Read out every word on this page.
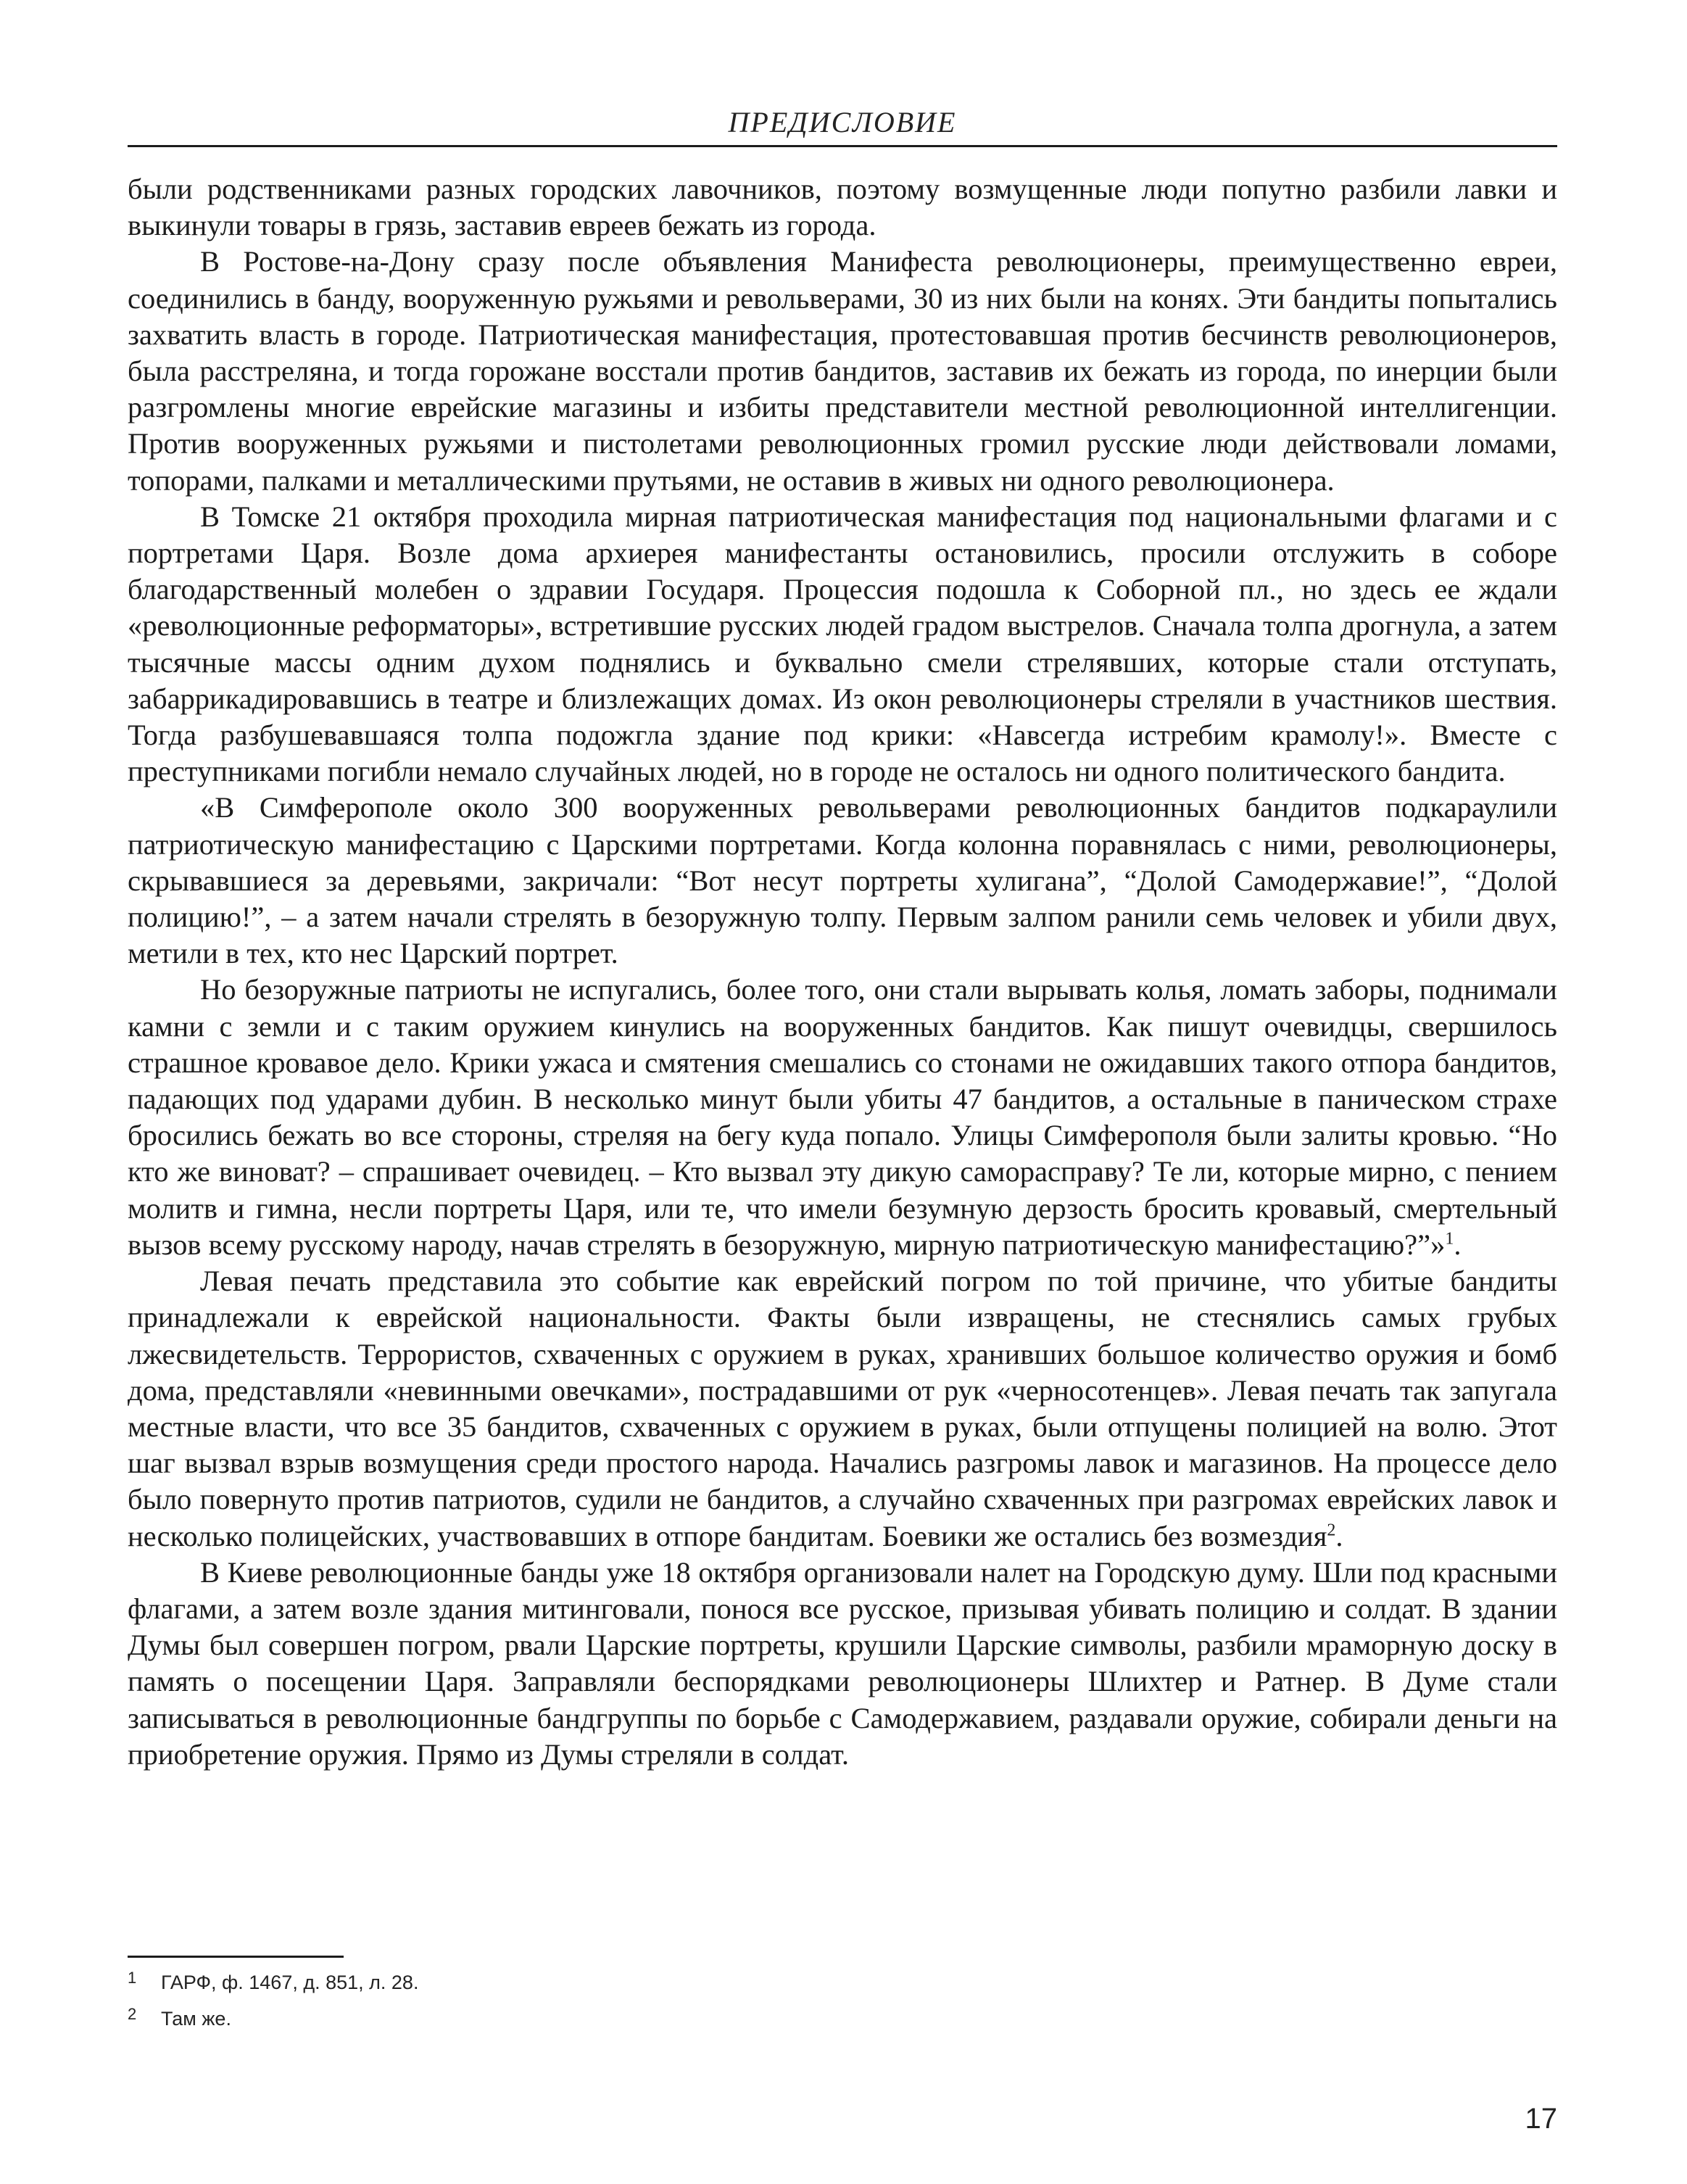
ПРЕДИСЛОВИЕ

были родственниками разных городских лавочников, поэтому возмущенные люди попутно разбили лавки и выкинули товары в грязь, заставив евреев бежать из города.

В Ростове-на-Дону сразу после объявления Манифеста революционеры, преимущественно евреи, соединились в банду, вооруженную ружьями и револьверами, 30 из них были на конях. Эти бандиты попытались захватить власть в городе. Патриотическая манифестация, протестовавшая против бесчинств революционеров, была расстреляна, и тогда горожане восстали против бандитов, заставив их бежать из города, по инерции были разгромлены многие еврейские магазины и избиты представители местной революционной интеллигенции. Против вооруженных ружьями и пистолетами революционных громил русские люди действовали ломами, топорами, палками и металлическими прутьями, не оставив в живых ни одного революционера.

В Томске 21 октября проходила мирная патриотическая манифестация под национальными флагами и с портретами Царя. Возле дома архиерея манифестанты остановились, просили отслужить в соборе благодарственный молебен о здравии Государя. Процессия подошла к Соборной пл., но здесь ее ждали «революционные реформаторы», встретившие русских людей градом выстрелов. Сначала толпа дрогнула, а затем тысячные массы одним духом поднялись и буквально смели стрелявших, которые стали отступать, забаррикадировавшись в театре и близлежащих домах. Из окон революционеры стреляли в участников шествия. Тогда разбушевавшаяся толпа подожгла здание под крики: «Навсегда истребим крамолу!». Вместе с преступниками погибли немало случайных людей, но в городе не осталось ни одного политического бандита.

«В Симферополе около 300 вооруженных револьверами революционных бандитов подкараулили патриотическую манифестацию с Царскими портретами. Когда колонна поравнялась с ними, революционеры, скрывавшиеся за деревьями, закричали: “Вот несут портреты хулигана”, “Долой Самодержавие!”, “Долой полицию!”, – а затем начали стрелять в безоружную толпу. Первым залпом ранили семь человек и убили двух, метили в тех, кто нес Царский портрет.

Но безоружные патриоты не испугались, более того, они стали вырывать колья, ломать заборы, поднимали камни с земли и с таким оружием кинулись на вооруженных бандитов. Как пишут очевидцы, свершилось страшное кровавое дело. Крики ужаса и смятения смешались со стонами не ожидавших такого отпора бандитов, падающих под ударами дубин. В несколько минут были убиты 47 бандитов, а остальные в паническом страхе бросились бежать во все стороны, стреляя на бегу куда попало. Улицы Симферополя были залиты кровью. “Но кто же виноват? – спрашивает очевидец. – Кто вызвал эту дикую саморасправу? Те ли, которые мирно, с пением молитв и гимна, несли портреты Царя, или те, что имели безумную дерзость бросить кровавый, смертельный вызов всему русскому народу, начав стрелять в безоружную, мирную патриотическую манифестацию?”»$^1$.

Левая печать представила это событие как еврейский погром по той причине, что убитые бандиты принадлежали к еврейской национальности. Факты были извращены, не стеснялись самых грубых лжесвидетельств. Террористов, схваченных с оружием в руках, хранивших большое количество оружия и бомб дома, представляли «невинными овечками», пострадавшими от рук «черносотенцев». Левая печать так запугала местные власти, что все 35 бандитов, схваченных с оружием в руках, были отпущены полицией на волю. Этот шаг вызвал взрыв возмущения среди простого народа. Начались разгромы лавок и магазинов. На процессе дело было повернуто против патриотов, судили не бандитов, а случайно схваченных при разгромах еврейских лавок и несколько полицейских, участвовавших в отпоре бандитам. Боевики же остались без возмездия$^2$.

В Киеве революционные банды уже 18 октября организовали налет на Городскую думу. Шли под красными флагами, а затем возле здания митинговали, понося все русское, призывая убивать полицию и солдат. В здании Думы был совершен погром, рвали Царские портреты, крушили Царские символы, разбили мраморную доску в память о посещении Царя. Заправляли беспорядками революционеры Шлихтер и Ратнер. В Думе стали записываться в революционные бандгруппы по борьбе с Самодержавием, раздавали оружие, собирали деньги на приобретение оружия. Прямо из Думы стреляли в солдат.

1 ГАРФ, ф. 1467, д. 851, л. 28.
2 Там же.
17
